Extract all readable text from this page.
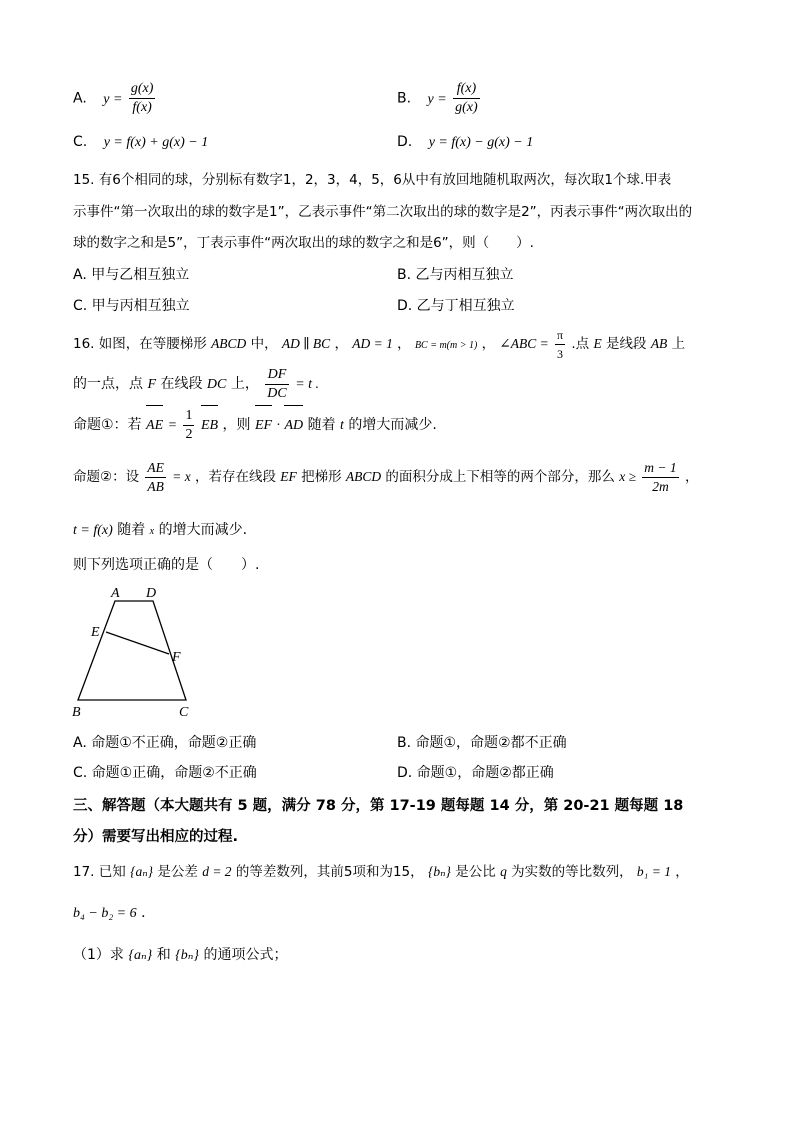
A. $y = \frac{g(x)}{f(x)}$	B. $y = \frac{f(x)}{g(x)}$
C. y = f(x) + g(x) − 1	D. y = f(x) − g(x) − 1
15. 有6个相同的球，分别标有数字1，2，3，4，5，6从中有放回地随机取两次，每次取1个球.甲表
示事件“第一次取出的球的数字是1”，乙表示事件“第二次取出的球的数字是2”，丙表示事件“两次取出的
球的数字之和是5”，丁表示事件“两次取出的球的数字之和是6”，则（　　）.
A. 甲与乙相互独立	B. 乙与丙相互独立
C. 甲与丙相互独立	D. 乙与丁相互独立
16. 如图，在等腰梯形 ABCD 中， AD ∥ BC ， AD = 1 ， BC = m(m > 1) ， ∠ABC = $\frac{\pi}{3}$ .点 E 是线段 AB 上
的一点，点 F 在线段 DC 上， $\frac{DF}{DC} = t$ .
命题①：若 AE = $\frac{1}{2}$ EB ，则 EF · AD 随着 t 的增大而减少.
命题②：设 $\frac{AE}{AB} = x$ ，若存在线段 EF 把梯形 ABCD 的面积分成上下相等的两个部分，那么 $x \ge \frac{m - 1}{2m}$ ，
t = f(x) 随着 x 的增大而减少.
则下列选项正确的是（　　）.
A D
E
F
B	C
A. 命题①不正确，命题②正确	B. 命题①，命题②都不正确
C. 命题①正确，命题②不正确	D. 命题①，命题②都正确
三、解答题（本大题共有 5 题，满分 78 分，第 17-19 题每题 14 分，第 20-21 题每题 18
分）需要写出相应的过程.
17. 已知 {aₙ} 是公差 d = 2 的等差数列，其前5项和为15， {bₙ} 是公比 q 为实数的等比数列， b₁ = 1 ，
b₄ − b₂ = 6 ．
（1）求 {aₙ} 和 {bₙ} 的通项公式；
